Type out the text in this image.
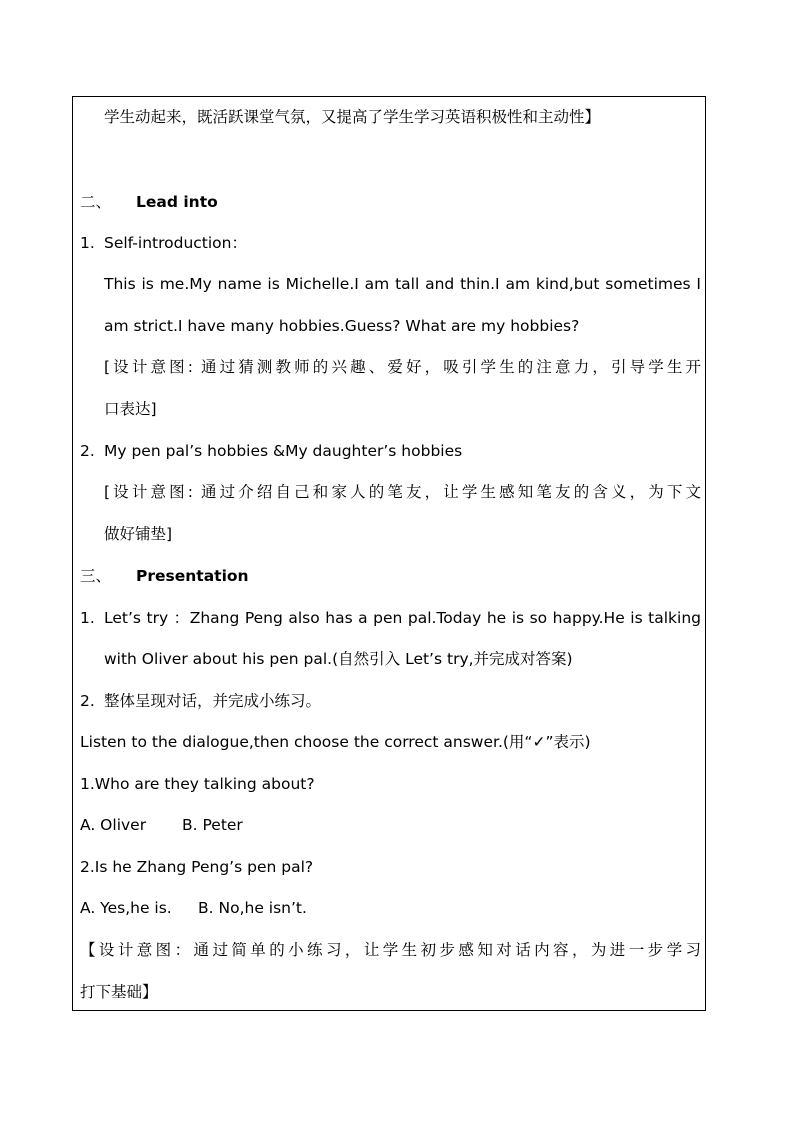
学生动起来，既活跃课堂气氛，又提高了学生学习英语积极性和主动性】

二、 Lead into
1. Self-introduction：

This is me.My name is Michelle.I am tall and thin.I am kind,but sometimes I

am strict.I have many hobbies.Guess? What are my hobbies?

[设计意图: 通过猜测教师的兴趣、爱好，吸引学生的注意力，引导学生开

口表达]

2. My pen pal’s hobbies &My daughter’s hobbies

[设计意图: 通过介绍自己和家人的笔友，让学生感知笔友的含义，为下文

做好铺垫]

三、 Presentation
1. Let’s try ：Zhang Peng also has a pen pal.Today he is so happy.He is talking

with Oliver about his pen pal.(自然引入 Let’s try,并完成对答案)

2. 整体呈现对话，并完成小练习。

Listen to the dialogue,then choose the correct answer.(用“✓”表示)

1.Who are they talking about?

A. Oliver B. Peter

2.Is he Zhang Peng’s pen pal?

A. Yes,he is. B. No,he isn’t.

【设计意图：通过简单的小练习，让学生初步感知对话内容，为进一步学习

打下基础】
